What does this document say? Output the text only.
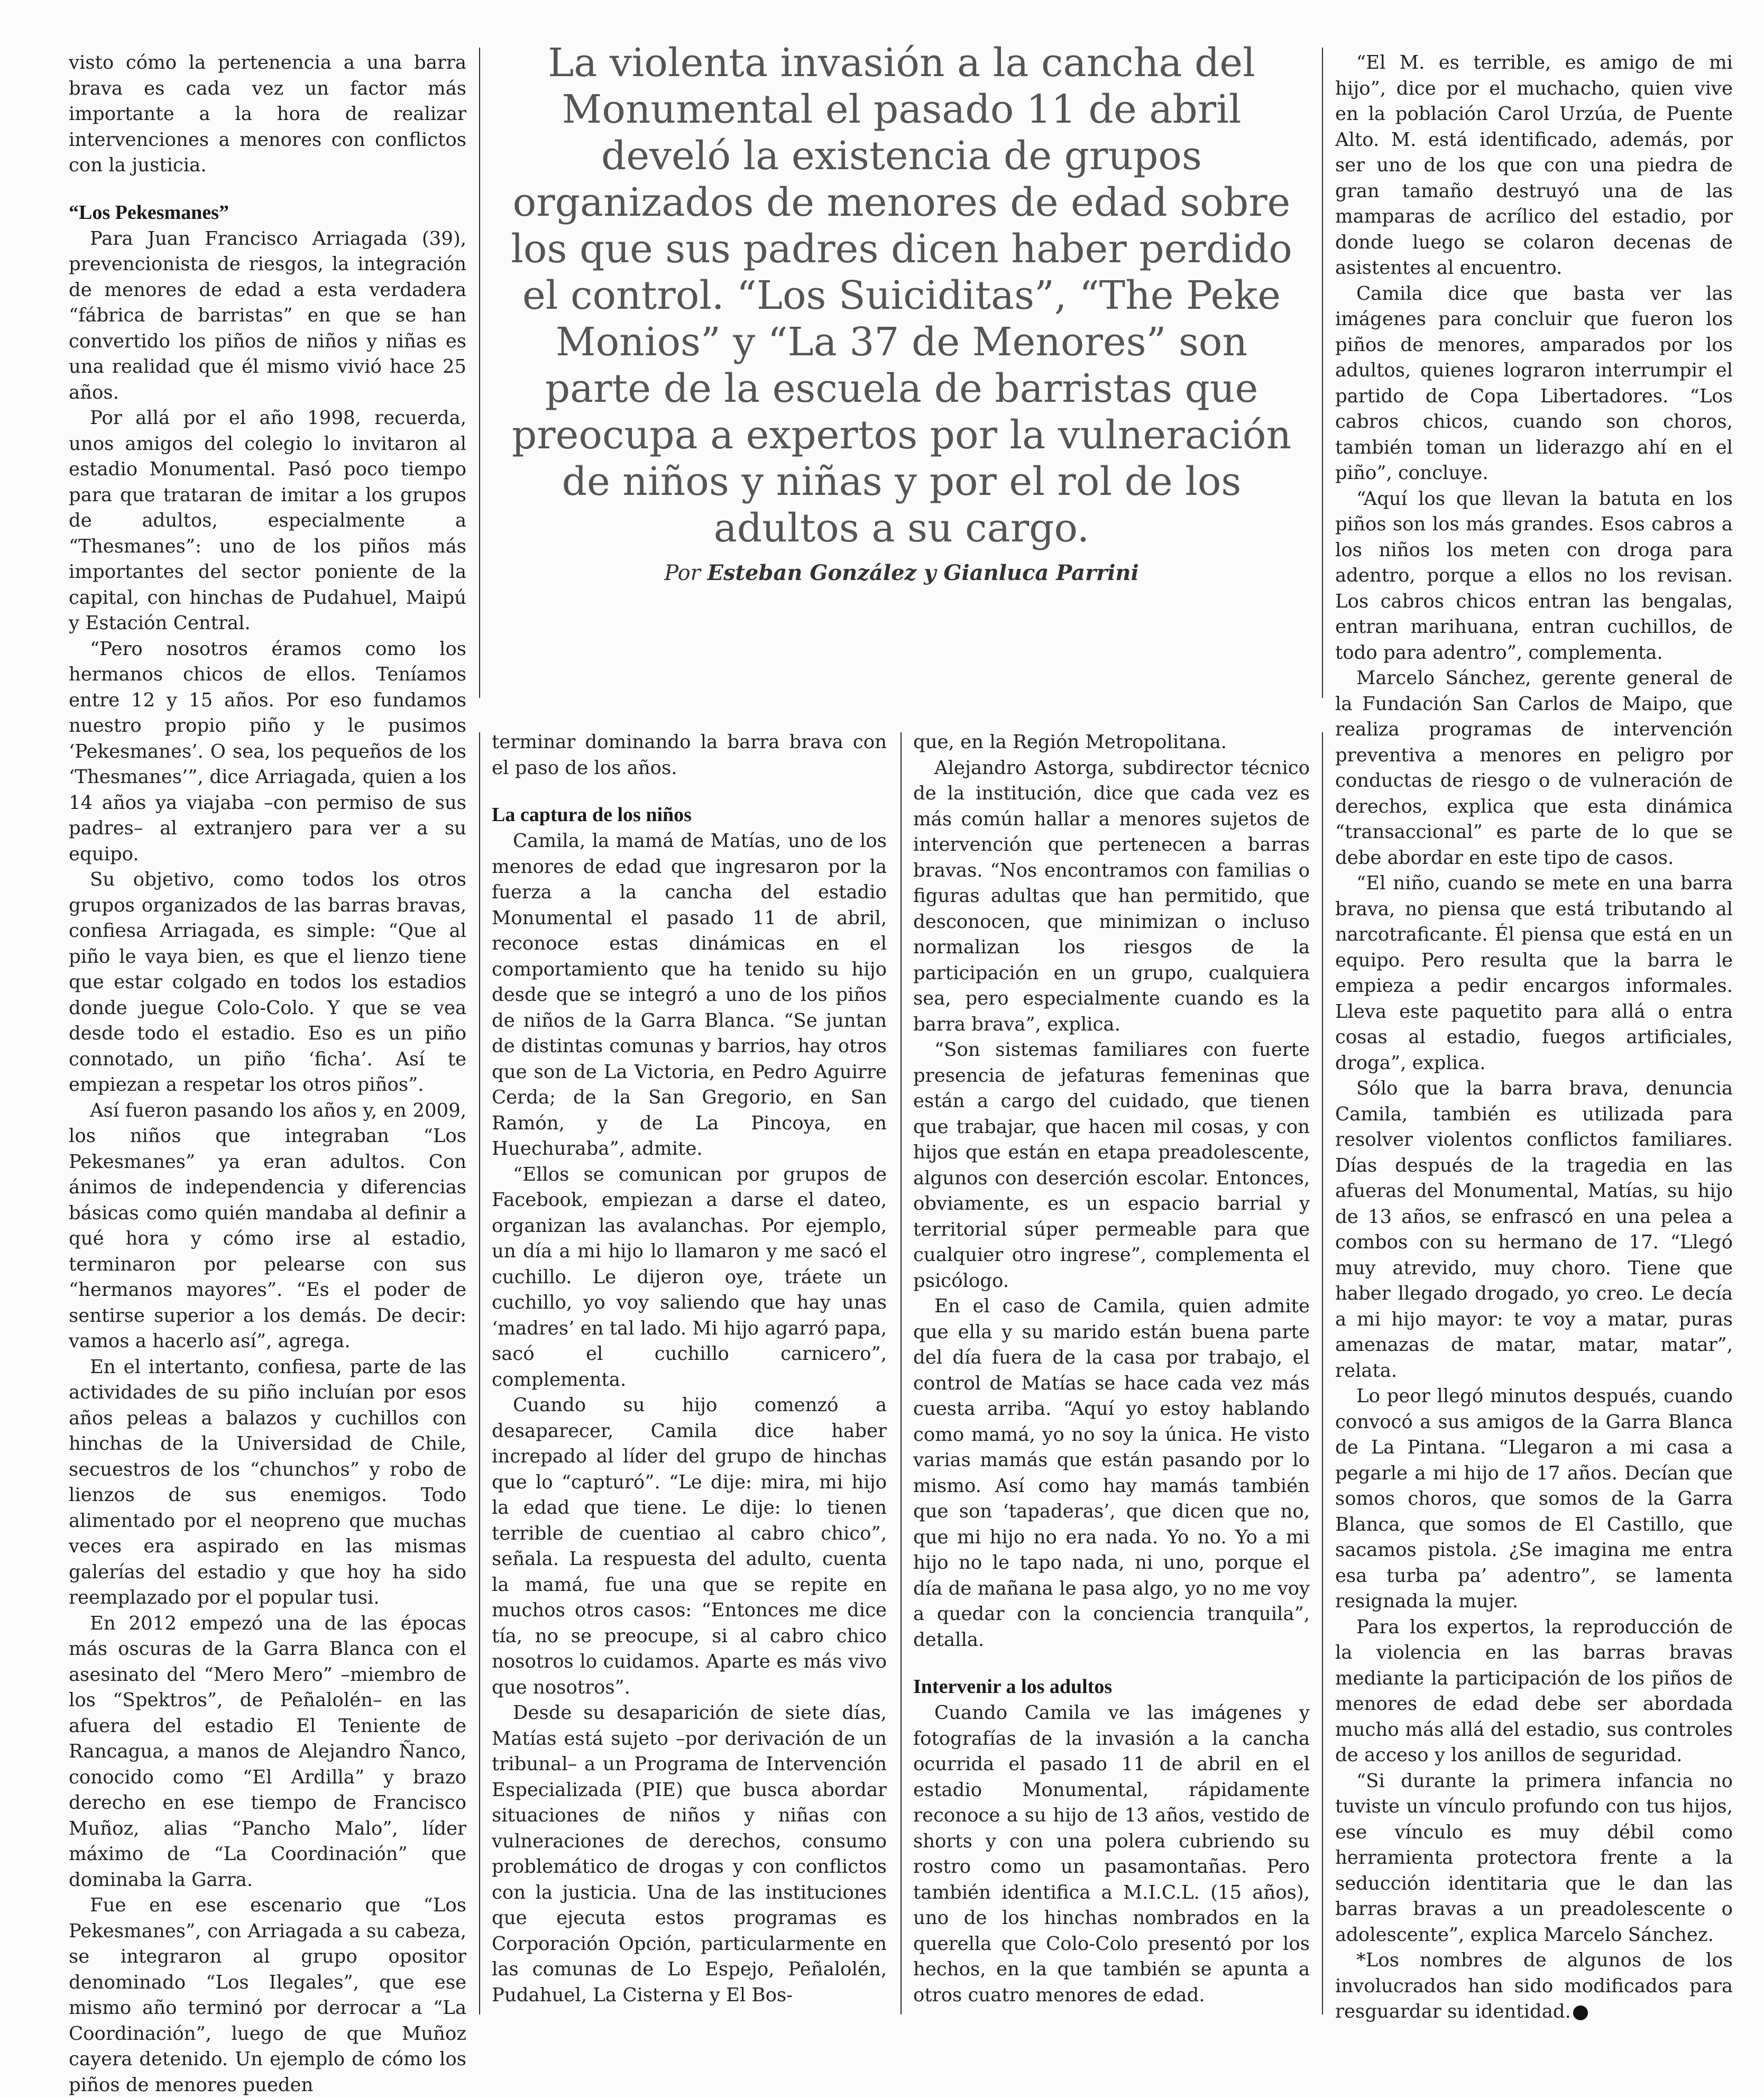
La violenta invasión a la cancha del Monumental el pasado 11 de abril develó la existencia de grupos organizados de menores de edad sobre los que sus padres dicen haber perdido el control. “Los Suiciditas”, “The Peke Monios” y “La 37 de Menores” son parte de la escuela de barristas que preocupa a expertos por la vulneración de niños y niñas y por el rol de los adultos a su cargo.

Por Esteban González y Gianluca Parrini

visto cómo la pertenencia a una barra brava es cada vez un factor más importante a la hora de realizar intervenciones a menores con conflictos con la justicia.

“Los Pekesmanes”

Para Juan Francisco Arriagada (39), prevencionista de riesgos, la integración de menores de edad a esta verdadera “fábrica de barristas” en que se han convertido los piños de niños y niñas es una realidad que él mismo vivió hace 25 años.

Por allá por el año 1998, recuerda, unos amigos del colegio lo invitaron al estadio Monumental. Pasó poco tiempo para que trataran de imitar a los grupos de adultos, especialmente a “Thesmanes”: uno de los piños más importantes del sector poniente de la capital, con hinchas de Pudahuel, Maipú y Estación Central.

“Pero nosotros éramos como los hermanos chicos de ellos. Teníamos entre 12 y 15 años. Por eso fundamos nuestro propio piño y le pusimos ‘Pekesmanes’. O sea, los pequeños de los ‘Thesmanes’”, dice Arriagada, quien a los 14 años ya viajaba –con permiso de sus padres– al extranjero para ver a su equipo.

Su objetivo, como todos los otros grupos organizados de las barras bravas, confiesa Arriagada, es simple: “Que al piño le vaya bien, es que el lienzo tiene que estar colgado en todos los estadios donde juegue Colo-Colo. Y que se vea desde todo el estadio. Eso es un piño connotado, un piño ‘ficha’. Así te empiezan a respetar los otros piños”.

Así fueron pasando los años y, en 2009, los niños que integraban “Los Pekesmanes” ya eran adultos. Con ánimos de independencia y diferencias básicas como quién mandaba al definir a qué hora y cómo irse al estadio, terminaron por pelearse con sus “hermanos mayores”. “Es el poder de sentirse superior a los demás. De decir: vamos a hacerlo así”, agrega.

En el intertanto, confiesa, parte de las actividades de su piño incluían por esos años peleas a balazos y cuchillos con hinchas de la Universidad de Chile, secuestros de los “chunchos” y robo de lienzos de sus enemigos. Todo alimentado por el neopreno que muchas veces era aspirado en las mismas galerías del estadio y que hoy ha sido reemplazado por el popular tusi.

En 2012 empezó una de las épocas más oscuras de la Garra Blanca con el asesinato del “Mero Mero” –miembro de los “Spektros”, de Peñalolén– en las afuera del estadio El Teniente de Rancagua, a manos de Alejandro Ñanco, conocido como “El Ardilla” y brazo derecho en ese tiempo de Francisco Muñoz, alias “Pancho Malo”, líder máximo de “La Coordinación” que dominaba la Garra.

Fue en ese escenario que “Los Pekesmanes”, con Arriagada a su cabeza, se integraron al grupo opositor denominado “Los Ilegales”, que ese mismo año terminó por derrocar a “La Coordinación”, luego de que Muñoz cayera detenido. Un ejemplo de cómo los piños de menores pueden

terminar dominando la barra brava con el paso de los años.

La captura de los niños

Camila, la mamá de Matías, uno de los menores de edad que ingresaron por la fuerza a la cancha del estadio Monumental el pasado 11 de abril, reconoce estas dinámicas en el comportamiento que ha tenido su hijo desde que se integró a uno de los piños de niños de la Garra Blanca. “Se juntan de distintas comunas y barrios, hay otros que son de La Victoria, en Pedro Aguirre Cerda; de la San Gregorio, en San Ramón, y de La Pincoya, en Huechuraba”, admite.

“Ellos se comunican por grupos de Facebook, empiezan a darse el dateo, organizan las avalanchas. Por ejemplo, un día a mi hijo lo llamaron y me sacó el cuchillo. Le dijeron oye, tráete un cuchillo, yo voy saliendo que hay unas ‘madres’ en tal lado. Mi hijo agarró papa, sacó el cuchillo carnicero”, complementa.

Cuando su hijo comenzó a desaparecer, Camila dice haber increpado al líder del grupo de hinchas que lo “capturó”. “Le dije: mira, mi hijo la edad que tiene. Le dije: lo tienen terrible de cuentiao al cabro chico”, señala. La respuesta del adulto, cuenta la mamá, fue una que se repite en muchos otros casos: “Entonces me dice tía, no se preocupe, si al cabro chico nosotros lo cuidamos. Aparte es más vivo que nosotros”.

Desde su desaparición de siete días, Matías está sujeto –por derivación de un tribunal– a un Programa de Intervención Especializada (PIE) que busca abordar situaciones de niños y niñas con vulneraciones de derechos, consumo problemático de drogas y con conflictos con la justicia. Una de las instituciones que ejecuta estos programas es Corporación Opción, particularmente en las comunas de Lo Espejo, Peñalolén, Pudahuel, La Cisterna y El Bos-

que, en la Región Metropolitana.

Alejandro Astorga, subdirector técnico de la institución, dice que cada vez es más común hallar a menores sujetos de intervención que pertenecen a barras bravas. “Nos encontramos con familias o figuras adultas que han permitido, que desconocen, que minimizan o incluso normalizan los riesgos de la participación en un grupo, cualquiera sea, pero especialmente cuando es la barra brava”, explica.

“Son sistemas familiares con fuerte presencia de jefaturas femeninas que están a cargo del cuidado, que tienen que trabajar, que hacen mil cosas, y con hijos que están en etapa preadolescente, algunos con deserción escolar. Entonces, obviamente, es un espacio barrial y territorial súper permeable para que cualquier otro ingrese”, complementa el psicólogo.

En el caso de Camila, quien admite que ella y su marido están buena parte del día fuera de la casa por trabajo, el control de Matías se hace cada vez más cuesta arriba. “Aquí yo estoy hablando como mamá, yo no soy la única. He visto varias mamás que están pasando por lo mismo. Así como hay mamás también que son ‘tapaderas’, que dicen que no, que mi hijo no era nada. Yo no. Yo a mi hijo no le tapo nada, ni uno, porque el día de mañana le pasa algo, yo no me voy a quedar con la conciencia tranquila”, detalla.

Intervenir a los adultos

Cuando Camila ve las imágenes y fotografías de la invasión a la cancha ocurrida el pasado 11 de abril en el estadio Monumental, rápidamente reconoce a su hijo de 13 años, vestido de shorts y con una polera cubriendo su rostro como un pasamontañas. Pero también identifica a M.I.C.L. (15 años), uno de los hinchas nombrados en la querella que Colo-Colo presentó por los hechos, en la que también se apunta a otros cuatro menores de edad.

“El M. es terrible, es amigo de mi hijo”, dice por el muchacho, quien vive en la población Carol Urzúa, de Puente Alto. M. está identificado, además, por ser uno de los que con una piedra de gran tamaño destruyó una de las mamparas de acrílico del estadio, por donde luego se colaron decenas de asistentes al encuentro.

Camila dice que basta ver las imágenes para concluir que fueron los piños de menores, amparados por los adultos, quienes lograron interrumpir el partido de Copa Libertadores. “Los cabros chicos, cuando son choros, también toman un liderazgo ahí en el piño”, concluye.

“Aquí los que llevan la batuta en los piños son los más grandes. Esos cabros a los niños los meten con droga para adentro, porque a ellos no los revisan. Los cabros chicos entran las bengalas, entran marihuana, entran cuchillos, de todo para adentro”, complementa.

Marcelo Sánchez, gerente general de la Fundación San Carlos de Maipo, que realiza programas de intervención preventiva a menores en peligro por conductas de riesgo o de vulneración de derechos, explica que esta dinámica “transaccional” es parte de lo que se debe abordar en este tipo de casos.

“El niño, cuando se mete en una barra brava, no piensa que está tributando al narcotraficante. Él piensa que está en un equipo. Pero resulta que la barra le empieza a pedir encargos informales. Lleva este paquetito para allá o entra cosas al estadio, fuegos artificiales, droga”, explica.

Sólo que la barra brava, denuncia Camila, también es utilizada para resolver violentos conflictos familiares. Días después de la tragedia en las afueras del Monumental, Matías, su hijo de 13 años, se enfrascó en una pelea a combos con su hermano de 17. “Llegó muy atrevido, muy choro. Tiene que haber llegado drogado, yo creo. Le decía a mi hijo mayor: te voy a matar, puras amenazas de matar, matar, matar”, relata.

Lo peor llegó minutos después, cuando convocó a sus amigos de la Garra Blanca de La Pintana. “Llegaron a mi casa a pegarle a mi hijo de 17 años. Decían que somos choros, que somos de la Garra Blanca, que somos de El Castillo, que sacamos pistola. ¿Se imagina me entra esa turba pa’ adentro”, se lamenta resignada la mujer.

Para los expertos, la reproducción de la violencia en las barras bravas mediante la participación de los piños de menores de edad debe ser abordada mucho más allá del estadio, sus controles de acceso y los anillos de seguridad.

“Si durante la primera infancia no tuviste un vínculo profundo con tus hijos, ese vínculo es muy débil como herramienta protectora frente a la seducción identitaria que le dan las barras bravas a un preadolescente o adolescente”, explica Marcelo Sánchez.

*Los nombres de algunos de los involucrados han sido modificados para resguardar su identidad.
